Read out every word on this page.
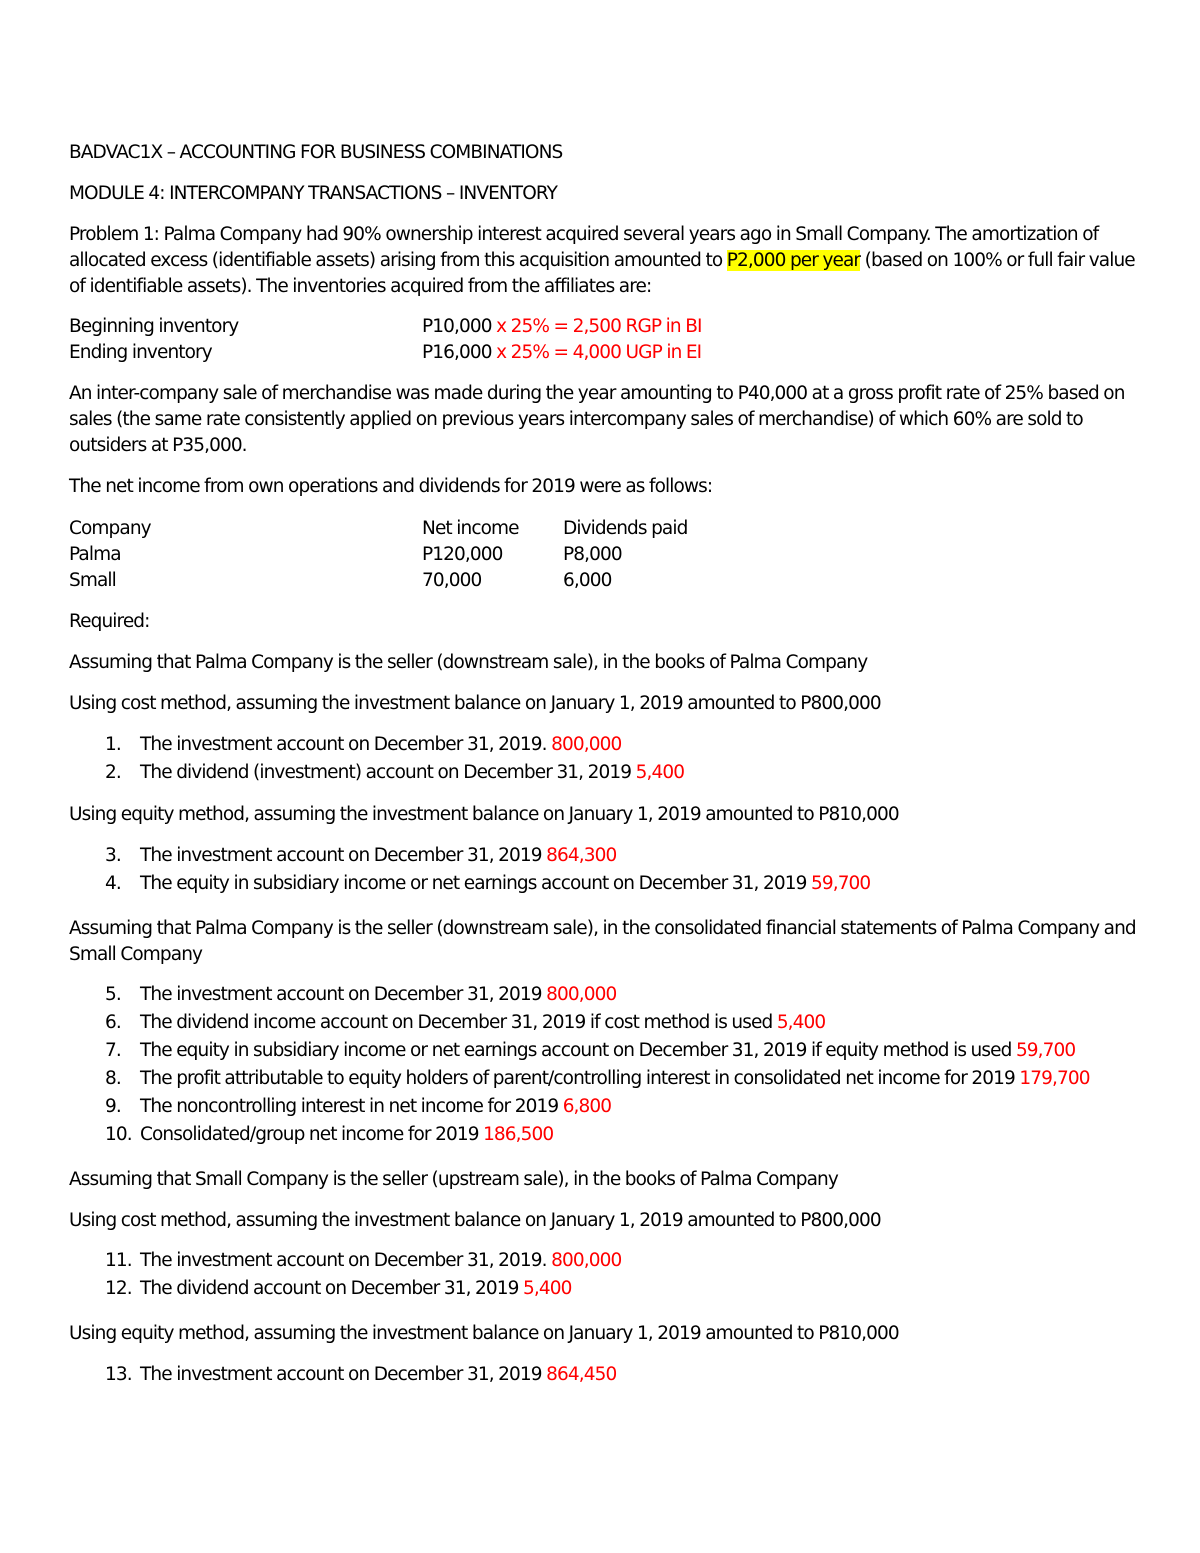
BADVAC1X – ACCOUNTING FOR BUSINESS COMBINATIONS

MODULE 4: INTERCOMPANY TRANSACTIONS – INVENTORY

Problem 1: Palma Company had 90% ownership interest acquired several years ago in Small Company. The amortization of allocated excess (identifiable assets) arising from this acquisition amounted to P2,000 per year (based on 100% or full fair value of identifiable assets). The inventories acquired from the affiliates are:

Beginning inventory	P10,000 x 25% = 2,500 RGP in BI
Ending inventory	P16,000 x 25% = 4,000 UGP in EI

An inter-company sale of merchandise was made during the year amounting to P40,000 at a gross profit rate of 25% based on sales (the same rate consistently applied on previous years intercompany sales of merchandise) of which 60% are sold to outsiders at P35,000.

The net income from own operations and dividends for 2019 were as follows:

Company	Net income	Dividends paid
Palma	P120,000	P8,000
Small	70,000	6,000

Required:

Assuming that Palma Company is the seller (downstream sale), in the books of Palma Company

Using cost method, assuming the investment balance on January 1, 2019 amounted to P800,000

1.	The investment account on December 31, 2019. 800,000
2.	The dividend (investment) account on December 31, 2019 5,400

Using equity method, assuming the investment balance on January 1, 2019 amounted to P810,000

3.	The investment account on December 31, 2019 864,300
4.	The equity in subsidiary income or net earnings account on December 31, 2019 59,700

Assuming that Palma Company is the seller (downstream sale), in the consolidated financial statements of Palma Company and Small Company

5.	The investment account on December 31, 2019 800,000
6.	The dividend income account on December 31, 2019 if cost method is used 5,400
7.	The equity in subsidiary income or net earnings account on December 31, 2019 if equity method is used 59,700
8.	The profit attributable to equity holders of parent/controlling interest in consolidated net income for 2019 179,700
9.	The noncontrolling interest in net income for 2019 6,800
10. Consolidated/group net income for 2019 186,500

Assuming that Small Company is the seller (upstream sale), in the books of Palma Company

Using cost method, assuming the investment balance on January 1, 2019 amounted to P800,000

11. The investment account on December 31, 2019. 800,000
12. The dividend account on December 31, 2019 5,400

Using equity method, assuming the investment balance on January 1, 2019 amounted to P810,000

13. The investment account on December 31, 2019 864,450
